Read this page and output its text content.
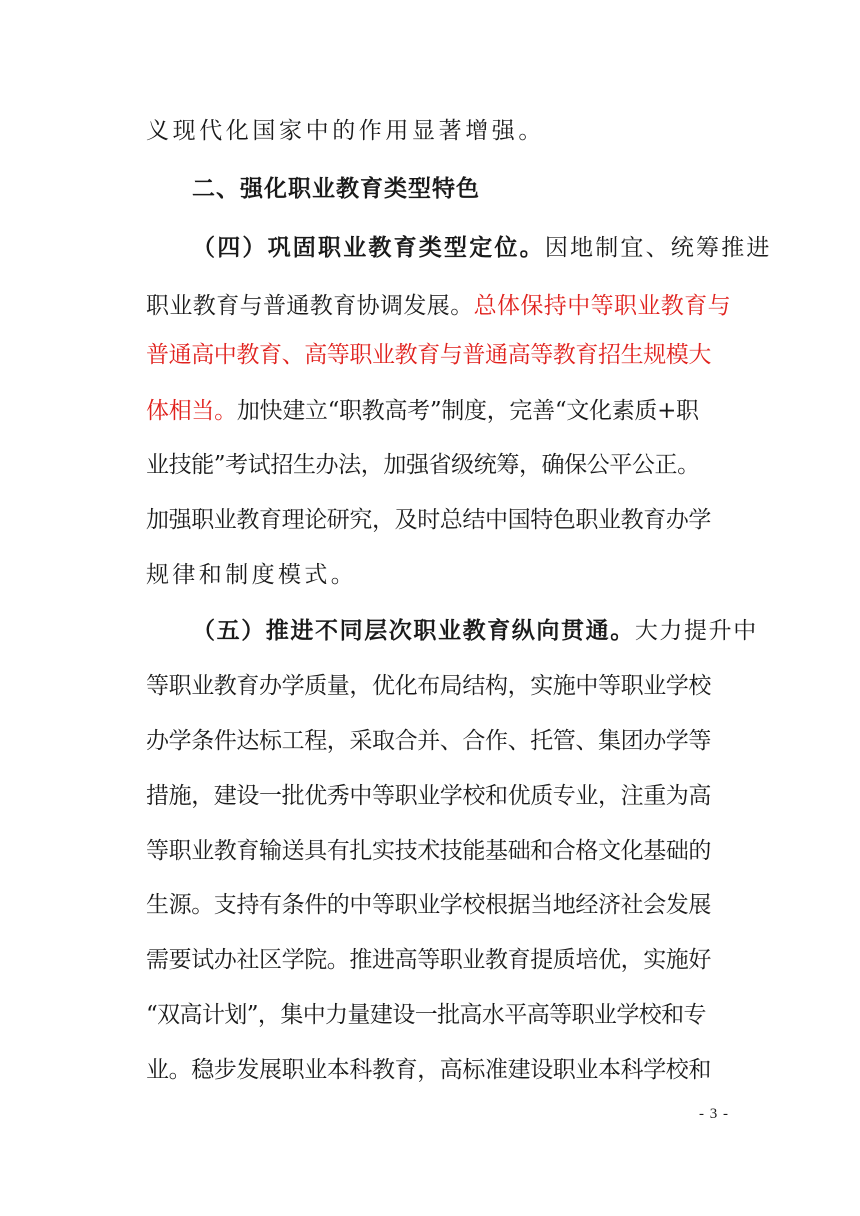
义现代化国家中的作用显著增强。
二、强化职业教育类型特色
（四）巩固职业教育类型定位。因地制宜、统筹推进
职业教育与普通教育协调发展。总体保持中等职业教育与
普通高中教育、高等职业教育与普通高等教育招生规模大
体相当。加快建立“职教高考”制度，完善“文化素质+职
业技能”考试招生办法，加强省级统筹，确保公平公正。
加强职业教育理论研究，及时总结中国特色职业教育办学
规律和制度模式。
（五）推进不同层次职业教育纵向贯通。大力提升中
等职业教育办学质量，优化布局结构，实施中等职业学校
办学条件达标工程，采取合并、合作、托管、集团办学等
措施，建设一批优秀中等职业学校和优质专业，注重为高
等职业教育输送具有扎实技术技能基础和合格文化基础的
生源。支持有条件的中等职业学校根据当地经济社会发展
需要试办社区学院。推进高等职业教育提质培优，实施好
“双高计划”，集中力量建设一批高水平高等职业学校和专
业。稳步发展职业本科教育，高标准建设职业本科学校和
- 3 -
